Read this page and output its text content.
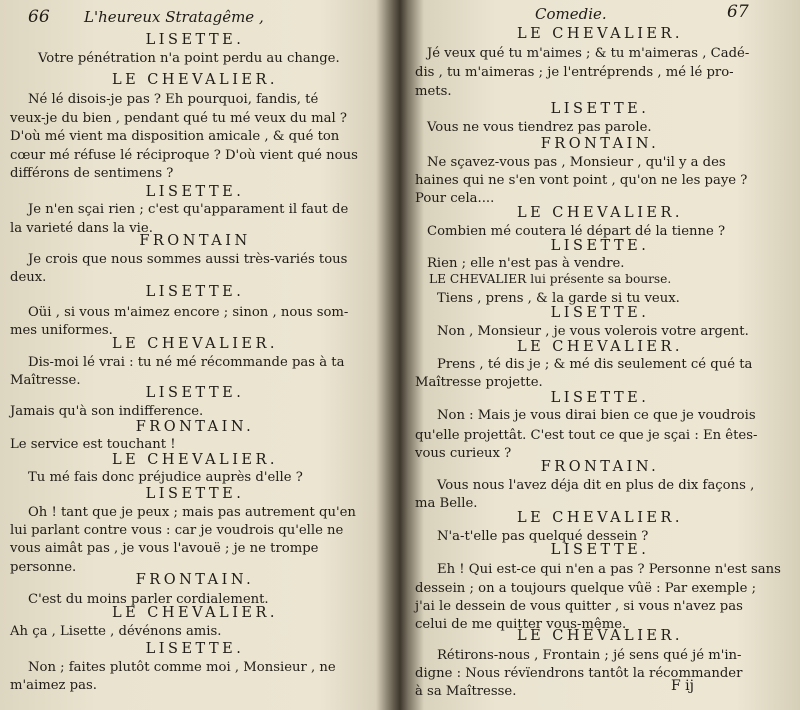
66	L'heureux Stratagême ,
LISETTE.
Votre pénétration n'a point perdu au change.
LE CHEVALIER.
Né lé disois-je pas ? Eh pourquoi, fandis, té
veux-je du bien , pendant qué tu mé veux du mal ?
D'où mé vient ma disposition amicale , & qué ton
cœur mé réfuse lé réciproque ? D'où vient qué nous
différons de sentimens ?
LISETTE.
Je n'en sçai rien ; c'est qu'apparament il faut de
la varieté dans la vie.
FRONTAIN
Je crois que nous sommes aussi très-variés tous
deux.
LISETTE.
Oüi , si vous m'aimez encore ; sinon , nous som-
mes uniformes.
LE CHEVALIER.
Dis-moi lé vrai : tu né mé récommande pas à ta
Maîtresse.
LISETTE.
Jamais qu'à son indifference.
FRONTAIN.
Le service est touchant !
LE CHEVALIER.
Tu mé fais donc préjudice auprès d'elle ?
LISETTE.
Oh ! tant que je peux ; mais pas autrement qu'en
lui parlant contre vous : car je voudrois qu'elle ne
vous aimât pas , je vous l'avouë ; je ne trompe
personne.
FRONTAIN.
C'est du moins parler cordialement.
LE CHEVALIER.
Ah ça , Lisette , dévénons amis.
LISETTE.
Non ; faites plutôt comme moi , Monsieur , ne
m'aimez pas.
Comedie.	67
LE CHEVALIER.
Jé veux qué tu m'aimes ; & tu m'aimeras , Cadé-
dis , tu m'aimeras ; je l'entréprends , mé lé pro-
mets.
LISETTE.
Vous ne vous tiendrez pas parole.
FRONTAIN.
Ne sçavez-vous pas , Monsieur , qu'il y a des
haines qui ne s'en vont point , qu'on ne les paye ?
Pour cela....
LE CHEVALIER.
Combien mé coutera lé départ dé la tienne ?
LISETTE.
Rien ; elle n'est pas à vendre.
LE CHEVALIER lui présente sa bourse.
Tiens , prens , & la garde si tu veux.
LISETTE.
Non , Monsieur , je vous volerois votre argent.
LE CHEVALIER.
Prens , té dis je ; & mé dis seulement cé qué ta
Maîtresse projette.
LISETTE.
Non : Mais je vous dirai bien ce que je voudrois
qu'elle projettât. C'est tout ce que je sçai : En êtes-
vous curieux ?
FRONTAIN.
Vous nous l'avez déja dit en plus de dix façons ,
ma Belle.
LE CHEVALIER.
N'a-t'elle pas quelqué dessein ?
LISETTE.
Eh ! Qui est-ce qui n'en a pas ? Personne n'est sans
dessein ; on a toujours quelque vûë : Par exemple ;
j'ai le dessein de vous quitter , si vous n'avez pas
celui de me quitter vous-même.
LE CHEVALIER.
Rétirons-nous , Frontain ; jé sens qué jé m'in-
digne : Nous révïendrons tantôt la récommander
à sa Maîtresse.	F ij
